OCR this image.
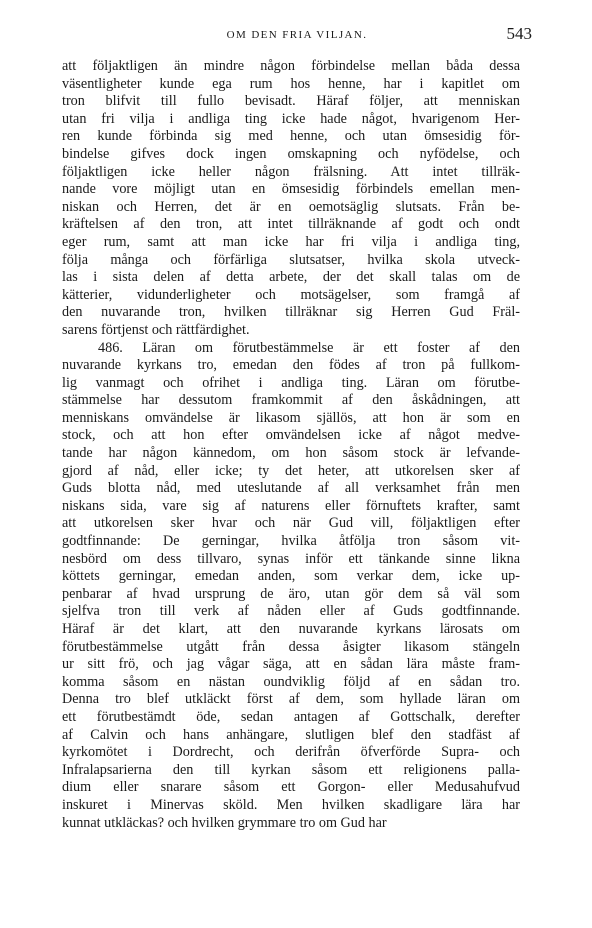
OM DEN FRIA VILJAN.	543
att följaktligen än mindre någon förbindelse mellan båda dessa
väsentligheter kunde ega rum hos henne, har i kapitlet om
tron blifvit till fullo bevisadt. Häraf följer, att menniskan
utan fri vilja i andliga ting icke hade något, hvarigenom Her-
ren kunde förbinda sig med henne, och utan ömsesidig för-
bindelse gifves dock ingen omskapning och nyfödelse, och
följaktligen icke heller någon frälsning. Att intet tillräk-
nande vore möjligt utan en ömsesidig förbindels emellan men-
niskan och Herren, det är en oemotsäglig slutsats. Från be-
kräftelsen af den tron, att intet tillräknande af godt och ondt
eger rum, samt att man icke har fri vilja i andliga ting,
följa många och förfärliga slutsatser, hvilka skola utveck-
las i sista delen af detta arbete, der det skall talas om de
kätterier, vidunderligheter och motsägelser, som framgå af
den nuvarande tron, hvilken tillräknar sig Herren Gud Fräl-
sarens förtjenst och rättfärdighet.
486. Läran om förutbestämmelse är ett foster af den
nuvarande kyrkans tro, emedan den födes af tron på fullkom-
lig vanmagt och ofrihet i andliga ting. Läran om förutbe-
stämmelse har dessutom framkommit af den åskådningen, att
menniskans omvändelse är likasom själlös, att hon är som en
stock, och att hon efter omvändelsen icke af något medve-
tande har någon kännedom, om hon såsom stock är lefvande-
gjord af nåd, eller icke; ty det heter, att utkorelsen sker af
Guds blotta nåd, med uteslutande af all verksamhet från men
niskans sida, vare sig af naturens eller förnuftets krafter, samt
att utkorelsen sker hvar och när Gud vill, följaktligen efter
godtfinnande: De gerningar, hvilka åtfölja tron såsom vit-
nesbörd om dess tillvaro, synas inför ett tänkande sinne likna
köttets gerningar, emedan anden, som verkar dem, icke up-
penbarar af hvad ursprung de äro, utan gör dem så väl som
sjelfva tron till verk af nåden eller af Guds godtfinnande.
Häraf är det klart, att den nuvarande kyrkans lärosats om
förutbestämmelse utgått från dessa åsigter likasom stängeln
ur sitt frö, och jag vågar säga, att en sådan lära måste fram-
komma såsom en nästan oundviklig följd af en sådan tro.
Denna tro blef utkläckt först af dem, som hyllade läran om
ett förutbestämdt öde, sedan antagen af Gottschalk, derefter
af Calvin och hans anhängare, slutligen blef den stadfäst af
kyrkomötet i Dordrecht, och derifrån öfverförde Supra- och
Infralapsarierna den till kyrkan såsom ett religionens palla-
dium eller snarare såsom ett Gorgon- eller Medusahufvud
inskuret i Minervas sköld. Men hvilken skadligare lära har
kunnat utkläckas? och hvilken grymmare tro om Gud har
